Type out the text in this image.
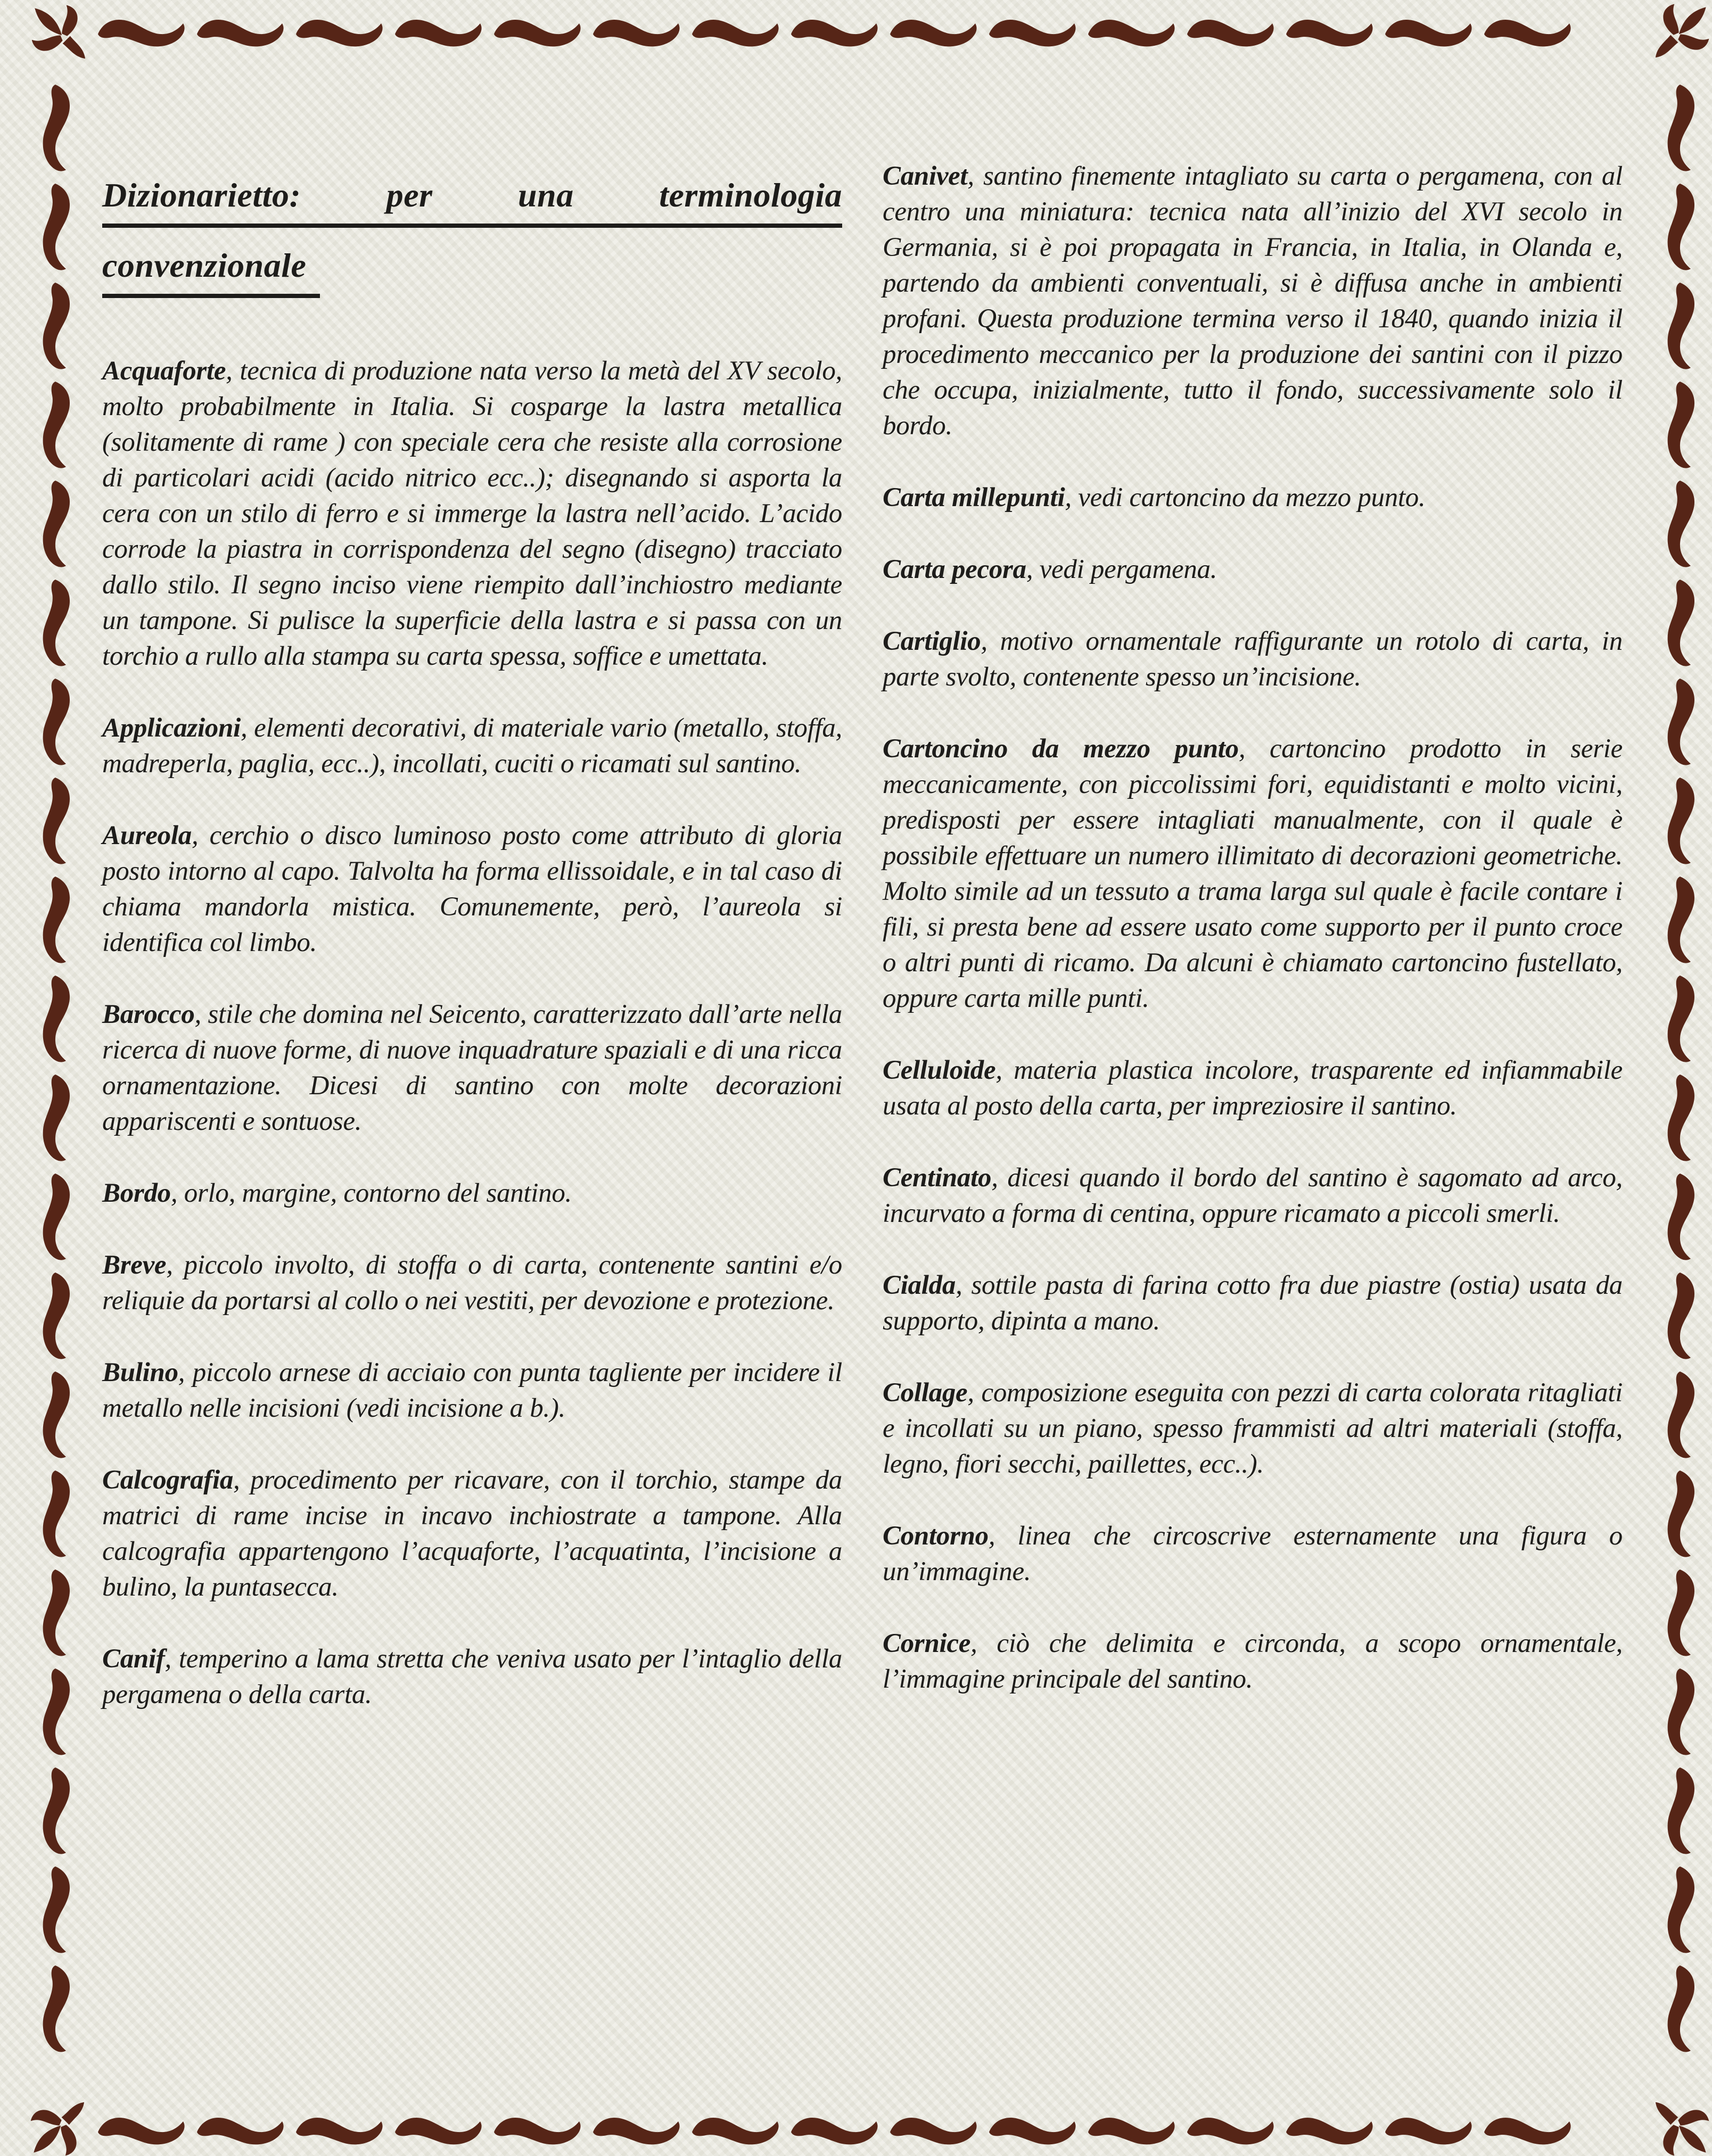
Dizionarietto: per una terminologia
convenzionale

Acquaforte, tecnica di produzione nata verso la metà del XV secolo, molto probabilmente in Italia. Si cosparge la lastra metallica (solitamente di rame ) con speciale cera che resiste alla corrosione di particolari acidi (acido nitrico ecc..); disegnando si asporta la cera con un stilo di ferro e si immerge la lastra nell’acido. L’acido corrode la piastra in corrispondenza del segno (disegno) tracciato dallo stilo. Il segno inciso viene riempito dall’inchiostro mediante un tampone. Si pulisce la superficie della lastra e si passa con un torchio a rullo alla stampa su carta spessa, soffice e umettata.

Applicazioni, elementi decorativi, di materiale vario (metallo, stoffa, madreperla, paglia, ecc..), incollati, cuciti o ricamati sul santino.

Aureola, cerchio o disco luminoso posto come attributo di gloria posto intorno al capo. Talvolta ha forma ellissoidale, e in tal caso di chiama mandorla mistica. Comunemente, però, l’aureola si identifica col limbo.

Barocco, stile che domina nel Seicento, caratterizzato dall’arte nella ricerca di nuove forme, di nuove inquadrature spaziali e di una ricca ornamentazione. Dicesi di santino con molte decorazioni appariscenti e sontuose.

Bordo, orlo, margine, contorno del santino.

Breve, piccolo involto, di stoffa o di carta, contenente santini e/o reliquie da portarsi al collo o nei vestiti, per devozione e protezione.

Bulino, piccolo arnese di acciaio con punta tagliente per incidere il metallo nelle incisioni (vedi incisione a b.).

Calcografia, procedimento per ricavare, con il torchio, stampe da matrici di rame incise in incavo inchiostrate a tampone. Alla calcografia appartengono l’acquaforte, l’acquatinta, l’incisione a bulino, la puntasecca.

Canif, temperino a lama stretta che veniva usato per l’intaglio della pergamena o della carta.

Canivet, santino finemente intagliato su carta o pergamena, con al centro una miniatura: tecnica nata all’inizio del XVI secolo in Germania, si è poi propagata in Francia, in Italia, in Olanda e, partendo da ambienti conventuali, si è diffusa anche in ambienti profani. Questa produzione termina verso il 1840, quando inizia il procedimento meccanico per la produzione dei santini con il pizzo che occupa, inizialmente, tutto il fondo, successivamente solo il bordo.

Carta millepunti, vedi cartoncino da mezzo punto.

Carta pecora, vedi pergamena.

Cartiglio, motivo ornamentale raffigurante un rotolo di carta, in parte svolto, contenente spesso un’incisione.

Cartoncino da mezzo punto, cartoncino prodotto in serie meccanicamente, con piccolissimi fori, equidistanti e molto vicini, predisposti per essere intagliati manualmente, con il quale è possibile effettuare un numero illimitato di decorazioni geometriche. Molto simile ad un tessuto a trama larga sul quale è facile contare i fili, si presta bene ad essere usato come supporto per il punto croce o altri punti di ricamo. Da alcuni è chiamato cartoncino fustellato, oppure carta mille punti.

Celluloide, materia plastica incolore, trasparente ed infiammabile usata al posto della carta, per impreziosire il santino.

Centinato, dicesi quando il bordo del santino è sagomato ad arco, incurvato a forma di centina, oppure ricamato a piccoli smerli.

Cialda, sottile pasta di farina cotto fra due piastre (ostia) usata da supporto, dipinta a mano.

Collage, composizione eseguita con pezzi di carta colorata ritagliati e incollati su un piano, spesso frammisti ad altri materiali (stoffa, legno, fiori secchi, paillettes, ecc..).

Contorno, linea che circoscrive esternamente una figura o un’immagine.

Cornice, ciò che delimita e circonda, a scopo ornamentale, l’immagine principale del santino.
